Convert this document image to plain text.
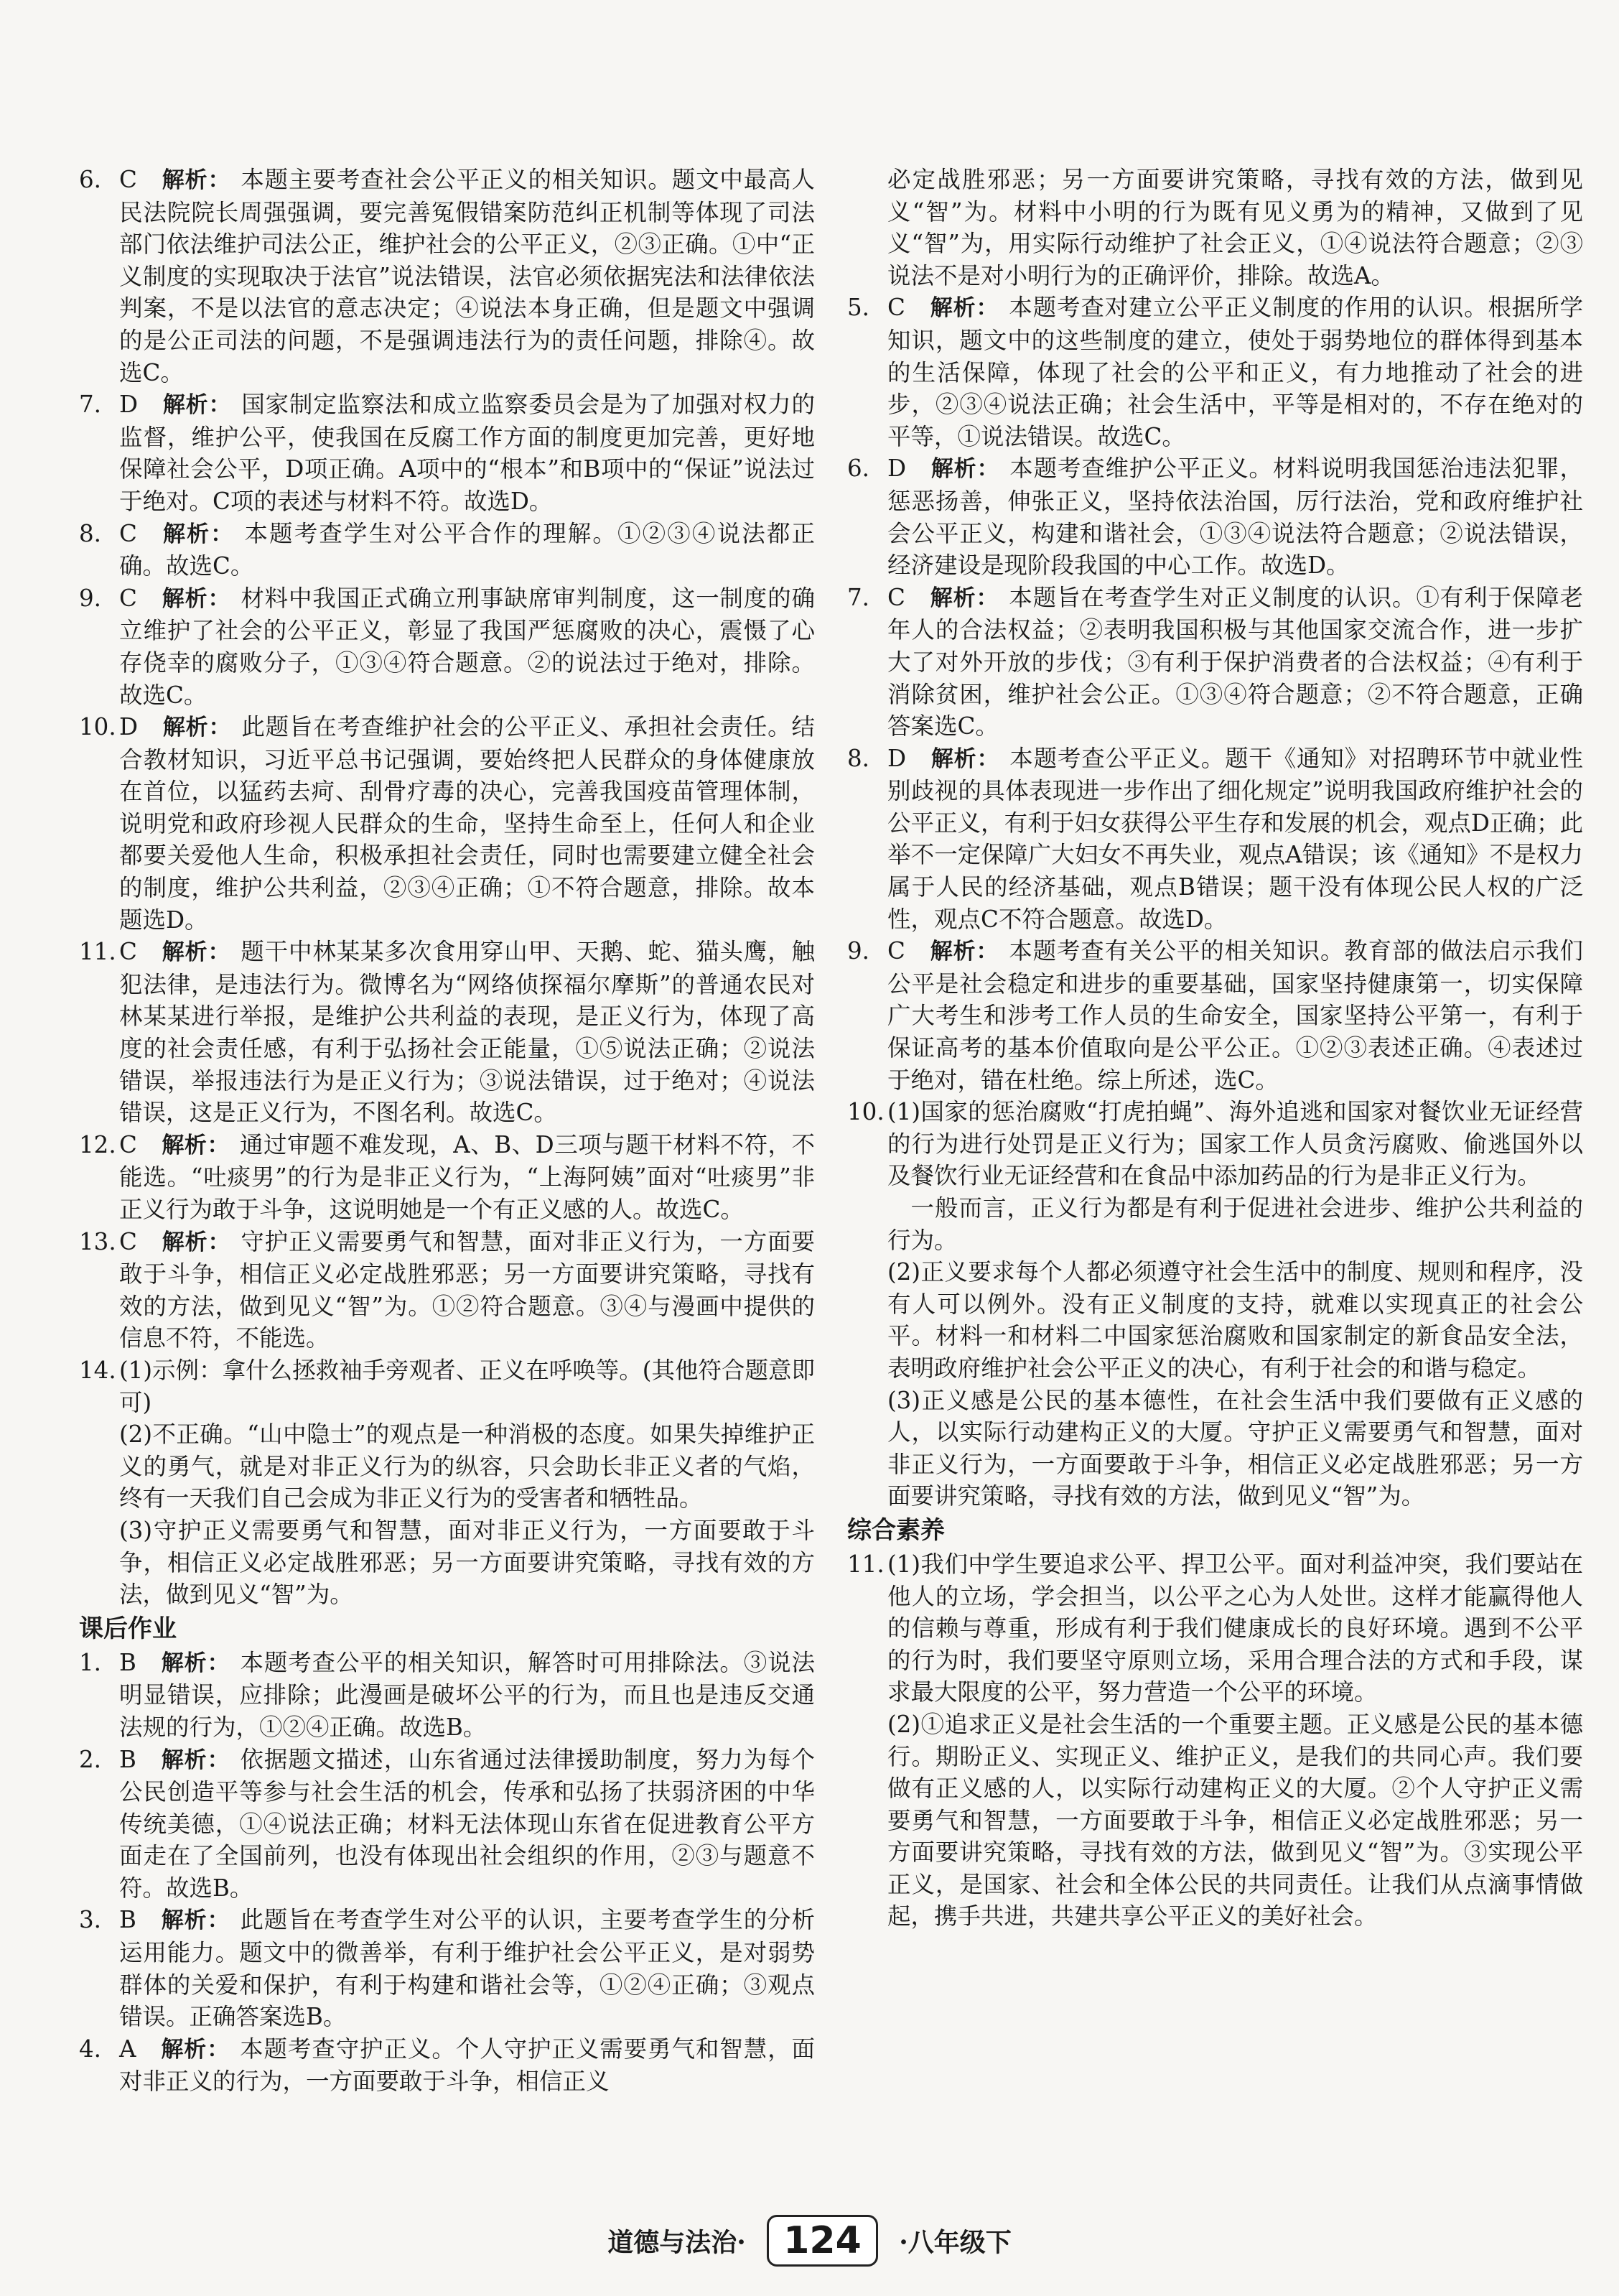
6. C 解析： 本题主要考查社会公平正义的相关知识。题文中最高人民法院院长周强强调，要完善冤假错案防范纠正机制等体现了司法部门依法维护司法公正，维护社会的公平正义，②③正确。①中“正义制度的实现取决于法官”说法错误，法官必须依据宪法和法律依法判案，不是以法官的意志决定；④说法本身正确，但是题文中强调的是公正司法的问题，不是强调违法行为的责任问题，排除④。故选C。
7. D 解析： 国家制定监察法和成立监察委员会是为了加强对权力的监督，维护公平，使我国在反腐工作方面的制度更加完善，更好地保障社会公平，D项正确。A项中的“根本”和B项中的“保证”说法过于绝对。C项的表述与材料不符。故选D。
8. C 解析： 本题考查学生对公平合作的理解。①②③④说法都正确。故选C。
9. C 解析： 材料中我国正式确立刑事缺席审判制度，这一制度的确立维护了社会的公平正义，彰显了我国严惩腐败的决心，震慑了心存侥幸的腐败分子，①③④符合题意。②的说法过于绝对，排除。故选C。
10. D 解析： 此题旨在考查维护社会的公平正义、承担社会责任。结合教材知识，习近平总书记强调，要始终把人民群众的身体健康放在首位，以猛药去疴、刮骨疗毒的决心，完善我国疫苗管理体制，说明党和政府珍视人民群众的生命，坚持生命至上，任何人和企业都要关爱他人生命，积极承担社会责任，同时也需要建立健全社会的制度，维护公共利益，②③④正确；①不符合题意，排除。故本题选D。
11. C 解析： 题干中林某某多次食用穿山甲、天鹅、蛇、猫头鹰，触犯法律，是违法行为。微博名为“网络侦探福尔摩斯”的普通农民对林某某进行举报，是维护公共利益的表现，是正义行为，体现了高度的社会责任感，有利于弘扬社会正能量，①⑤说法正确；②说法错误，举报违法行为是正义行为；③说法错误，过于绝对；④说法错误，这是正义行为，不图名利。故选C。
12. C 解析： 通过审题不难发现，A、B、D三项与题干材料不符，不能选。“吐痰男”的行为是非正义行为，“上海阿姨”面对“吐痰男”非正义行为敢于斗争，这说明她是一个有正义感的人。故选C。
13. C 解析： 守护正义需要勇气和智慧，面对非正义行为，一方面要敢于斗争，相信正义必定战胜邪恶；另一方面要讲究策略，寻找有效的方法，做到见义“智”为。①②符合题意。③④与漫画中提供的信息不符，不能选。
14. (1)示例：拿什么拯救袖手旁观者、正义在呼唤等。(其他符合题意即可)
(2)不正确。“山中隐士”的观点是一种消极的态度。如果失掉维护正义的勇气，就是对非正义行为的纵容，只会助长非正义者的气焰，终有一天我们自己会成为非正义行为的受害者和牺牲品。
(3)守护正义需要勇气和智慧，面对非正义行为，一方面要敢于斗争，相信正义必定战胜邪恶；另一方面要讲究策略，寻找有效的方法，做到见义“智”为。
课后作业
1. B 解析： 本题考查公平的相关知识，解答时可用排除法。③说法明显错误，应排除；此漫画是破坏公平的行为，而且也是违反交通法规的行为，①②④正确。故选B。
2. B 解析： 依据题文描述，山东省通过法律援助制度，努力为每个公民创造平等参与社会生活的机会，传承和弘扬了扶弱济困的中华传统美德，①④说法正确；材料无法体现山东省在促进教育公平方面走在了全国前列，也没有体现出社会组织的作用，②③与题意不符。故选B。
3. B 解析： 此题旨在考查学生对公平的认识，主要考查学生的分析运用能力。题文中的微善举，有利于维护社会公平正义，是对弱势群体的关爱和保护，有利于构建和谐社会等，①②④正确；③观点错误。正确答案选B。
4. A 解析： 本题考查守护正义。个人守护正义需要勇气和智慧，面对非正义的行为，一方面要敢于斗争，相信正义
必定战胜邪恶；另一方面要讲究策略，寻找有效的方法，做到见义“智”为。材料中小明的行为既有见义勇为的精神，又做到了见义“智”为，用实际行动维护了社会正义，①④说法符合题意；②③说法不是对小明行为的正确评价，排除。故选A。
5. C 解析： 本题考查对建立公平正义制度的作用的认识。根据所学知识，题文中的这些制度的建立，使处于弱势地位的群体得到基本的生活保障，体现了社会的公平和正义，有力地推动了社会的进步，②③④说法正确；社会生活中，平等是相对的，不存在绝对的平等，①说法错误。故选C。
6. D 解析： 本题考查维护公平正义。材料说明我国惩治违法犯罪，惩恶扬善，伸张正义，坚持依法治国，厉行法治，党和政府维护社会公平正义，构建和谐社会，①③④说法符合题意；②说法错误，经济建设是现阶段我国的中心工作。故选D。
7. C 解析： 本题旨在考查学生对正义制度的认识。①有利于保障老年人的合法权益；②表明我国积极与其他国家交流合作，进一步扩大了对外开放的步伐；③有利于保护消费者的合法权益；④有利于消除贫困，维护社会公正。①③④符合题意；②不符合题意，正确答案选C。
8. D 解析： 本题考查公平正义。题干《通知》对招聘环节中就业性别歧视的具体表现进一步作出了细化规定”说明我国政府维护社会的公平正义，有利于妇女获得公平生存和发展的机会，观点D正确；此举不一定保障广大妇女不再失业，观点A错误；该《通知》不是权力属于人民的经济基础，观点B错误；题干没有体现公民人权的广泛性，观点C不符合题意。故选D。
9. C 解析： 本题考查有关公平的相关知识。教育部的做法启示我们公平是社会稳定和进步的重要基础，国家坚持健康第一，切实保障广大考生和涉考工作人员的生命安全，国家坚持公平第一，有利于保证高考的基本价值取向是公平公正。①②③表述正确。④表述过于绝对，错在杜绝。综上所述，选C。
10. (1)国家的惩治腐败“打虎拍蝇”、海外追逃和国家对餐饮业无证经营的行为进行处罚是正义行为；国家工作人员贪污腐败、偷逃国外以及餐饮行业无证经营和在食品中添加药品的行为是非正义行为。
一般而言，正义行为都是有利于促进社会进步、维护公共利益的行为。
(2)正义要求每个人都必须遵守社会生活中的制度、规则和程序，没有人可以例外。没有正义制度的支持，就难以实现真正的社会公平。材料一和材料二中国家惩治腐败和国家制定的新食品安全法，表明政府维护社会公平正义的决心，有利于社会的和谐与稳定。
(3)正义感是公民的基本德性，在社会生活中我们要做有正义感的人，以实际行动建构正义的大厦。守护正义需要勇气和智慧，面对非正义行为，一方面要敢于斗争，相信正义必定战胜邪恶；另一方面要讲究策略，寻找有效的方法，做到见义“智”为。
综合素养
11. (1)我们中学生要追求公平、捍卫公平。面对利益冲突，我们要站在他人的立场，学会担当，以公平之心为人处世。这样才能赢得他人的信赖与尊重，形成有利于我们健康成长的良好环境。遇到不公平的行为时，我们要坚守原则立场，采用合理合法的方式和手段，谋求最大限度的公平，努力营造一个公平的环境。
(2)①追求正义是社会生活的一个重要主题。正义感是公民的基本德行。期盼正义、实现正义、维护正义，是我们的共同心声。我们要做有正义感的人，以实际行动建构正义的大厦。②个人守护正义需要勇气和智慧，一方面要敢于斗争，相信正义必定战胜邪恶；另一方面要讲究策略，寻找有效的方法，做到见义“智”为。③实现公平正义，是国家、社会和全体公民的共同责任。让我们从点滴事情做起，携手共进，共建共享公平正义的美好社会。
道德与法治· 124 ·八年级下
